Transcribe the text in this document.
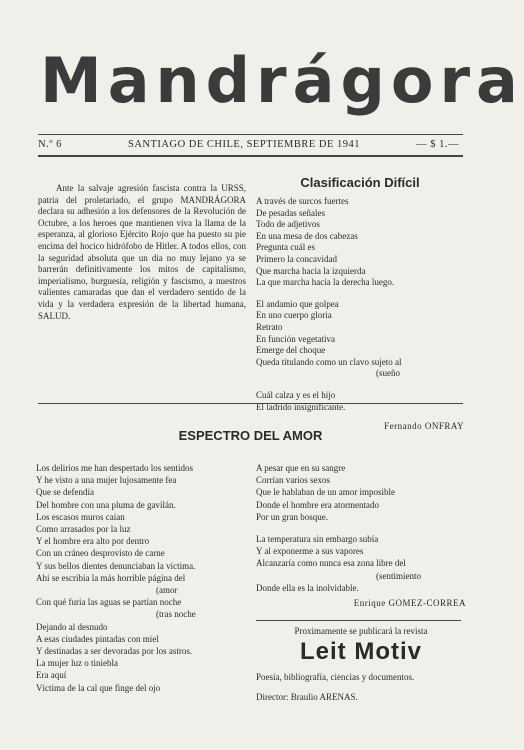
Mandrágora
N.º 6	SANTIAGO DE CHILE, SEPTIEMBRE DE 1941	— $ 1.—
Ante la salvaje agresión fascista contra la URSS, patria del proletariado, el grupo MANDRÁGORA declara su adhesión a los defensores de la Revolución de Octubre, a los heroes que mantienen viva la llama de la esperanza, al glorioso Ejército Rojo que ha puesto su pie encima del hocico hidrófobo de Hitler. A todos ellos, con la seguridad absoluta que un dia no muy lejano ya se barrerán definitivamente los mitos de capitalismo, imperialismo, burguesía, religión y fascismo, a nuestros valientes camaradas que dan el verdadero sentido de la vida y la verdadera expresión de la libertad humana, SALUD.
Clasificación Difícil
A través de surcos fuertes
De pesadas señales
Todo de adjetivos
En una mesa de dos cabezas
Pregunta cuál es
Primero la concavidad
Que marcha hacia la izquierda
La que marcha hacia la derecha luego.
El andamio que golpea
En uno cuerpo gloria
Retrato
En función vegetativa
Emerge del choque
Queda titulando como un clavo sujeto al
(sueño
Cuál calza y es el hijo
El ladrido insignificante.
Fernando ONFRAY
ESPECTRO DEL AMOR
Los delirios me han despertado los sentidos
Y he visto a una mujer lujosamente fea
Que se defendía
Del hombre con una pluma de gavilán.
Los escasos muros caían
Como arrasados por la luz
Y el hombre era alto por dentro
Con un cráneo desprovisto de carne
Y sus bellos dientes denunciaban la víctima.
Ahí se escribía la más horrible página del
(amor
Con qué furia las aguas se partían noche
(tras noche
Dejando al desnudo
A esas ciudades pintadas con miel
Y destinadas a ser devoradas por los astros.
La mujer luz o tiniebla
Era aquí
Víctima de la cal que finge del ojo
A pesar que en su sangre
Corrían varios sexos
Que le hablaban de un amor imposible
Donde el hombre era atormentado
Por un gran bosque.
La temperatura sin embargo subía
Y al exponerme a sus vapores
Alcanzaría como nunca esa zona libre del
(sentimiento
Donde ella es la inolvidable.
Enrique GOMEZ-CORREA
Proximamente se publicará la revista
Leit Motiv
Poesía, bibliografía, ciencias y documentos.
Director: Braulio ARENAS.
